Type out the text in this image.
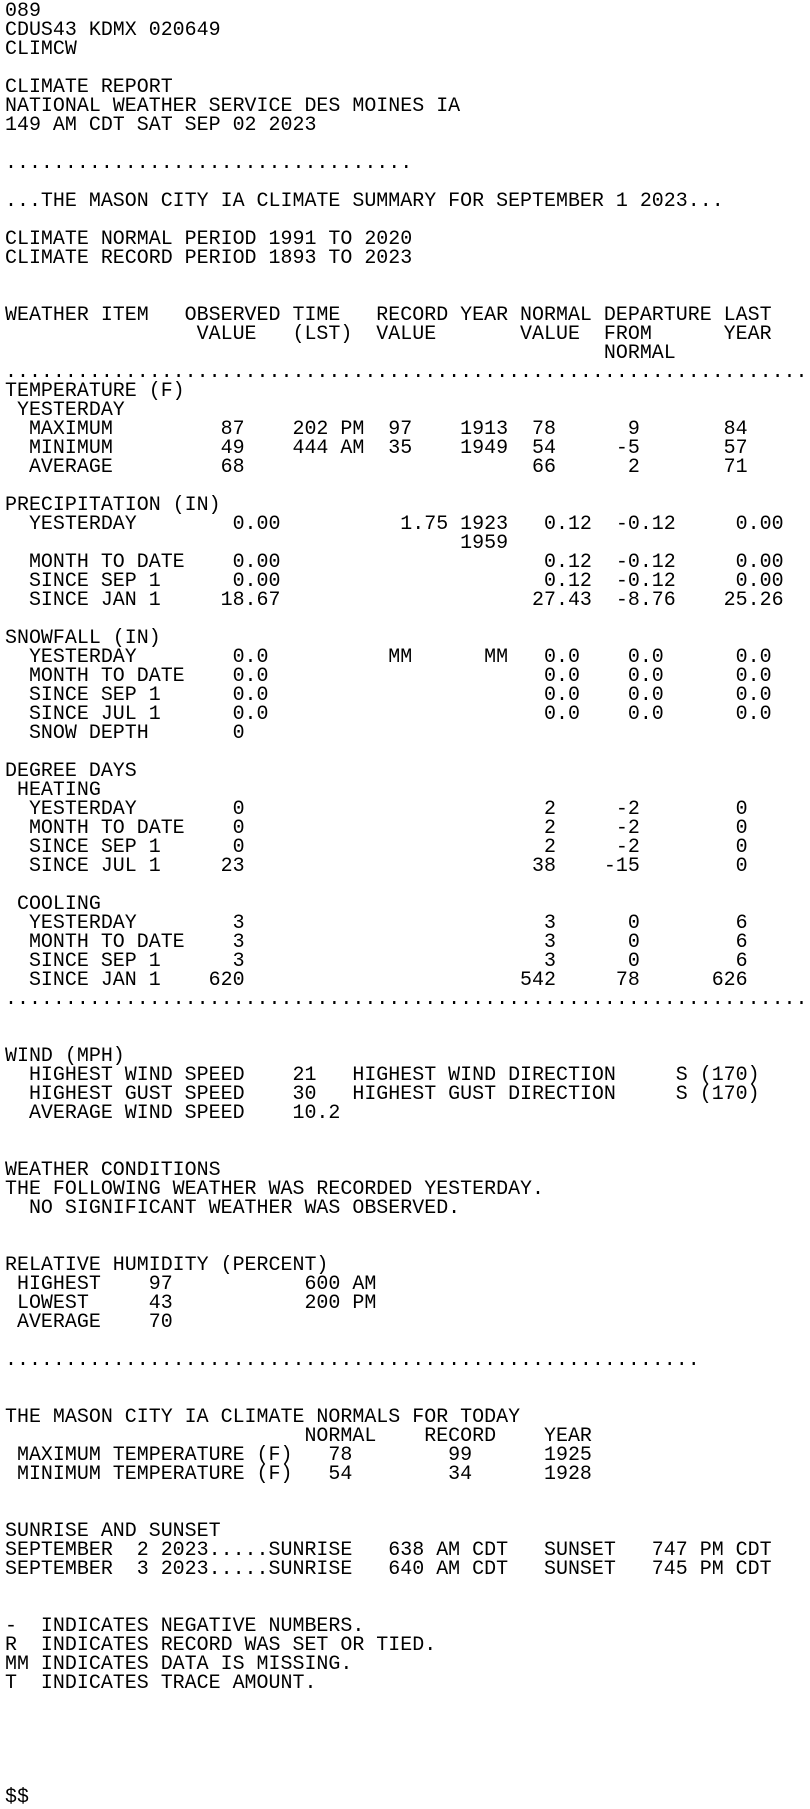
089
CDUS43 KDMX 020649
CLIMCW
CLIMATE REPORT
NATIONAL WEATHER SERVICE DES MOINES IA
149 AM CDT SAT SEP 02 2023
..................................
...THE MASON CITY IA CLIMATE SUMMARY FOR SEPTEMBER 1 2023...
CLIMATE NORMAL PERIOD 1991 TO 2020
CLIMATE RECORD PERIOD 1893 TO 2023
WEATHER ITEM   OBSERVED TIME   RECORD YEAR NORMAL DEPARTURE LAST
VALUE   (LST)  VALUE       VALUE  FROM      YEAR
NORMAL
...................................................................
TEMPERATURE (F)
YESTERDAY
MAXIMUM         87    202 PM  97    1913  78      9       84
MINIMUM         49    444 AM  35    1949  54     -5       57
AVERAGE         68                        66      2       71
PRECIPITATION (IN)
YESTERDAY        0.00          1.75 1923   0.12  -0.12     0.00
1959
MONTH TO DATE    0.00                      0.12  -0.12     0.00
SINCE SEP 1      0.00                      0.12  -0.12     0.00
SINCE JAN 1     18.67                     27.43  -8.76    25.26
SNOWFALL (IN)
YESTERDAY        0.0          MM      MM   0.0    0.0      0.0
MONTH TO DATE    0.0                       0.0    0.0      0.0
SINCE SEP 1      0.0                       0.0    0.0      0.0
SINCE JUL 1      0.0                       0.0    0.0      0.0
SNOW DEPTH       0
DEGREE DAYS
HEATING
YESTERDAY        0                         2     -2        0
MONTH TO DATE    0                         2     -2        0
SINCE SEP 1      0                         2     -2        0
SINCE JUL 1     23                        38    -15        0
COOLING
YESTERDAY        3                         3      0        6
MONTH TO DATE    3                         3      0        6
SINCE SEP 1      3                         3      0        6
SINCE JAN 1    620                       542     78      626
...................................................................
WIND (MPH)
HIGHEST WIND SPEED    21   HIGHEST WIND DIRECTION     S (170)
HIGHEST GUST SPEED    30   HIGHEST GUST DIRECTION     S (170)
AVERAGE WIND SPEED    10.2
WEATHER CONDITIONS
THE FOLLOWING WEATHER WAS RECORDED YESTERDAY.
NO SIGNIFICANT WEATHER WAS OBSERVED.
RELATIVE HUMIDITY (PERCENT)
HIGHEST    97           600 AM
LOWEST     43           200 PM
AVERAGE    70
..........................................................
THE MASON CITY IA CLIMATE NORMALS FOR TODAY
NORMAL    RECORD    YEAR
MAXIMUM TEMPERATURE (F)   78        99      1925
MINIMUM TEMPERATURE (F)   54        34      1928
SUNRISE AND SUNSET
SEPTEMBER  2 2023.....SUNRISE   638 AM CDT   SUNSET   747 PM CDT
SEPTEMBER  3 2023.....SUNRISE   640 AM CDT   SUNSET   745 PM CDT
-  INDICATES NEGATIVE NUMBERS.
R  INDICATES RECORD WAS SET OR TIED.
MM INDICATES DATA IS MISSING.
T  INDICATES TRACE AMOUNT.
$$
